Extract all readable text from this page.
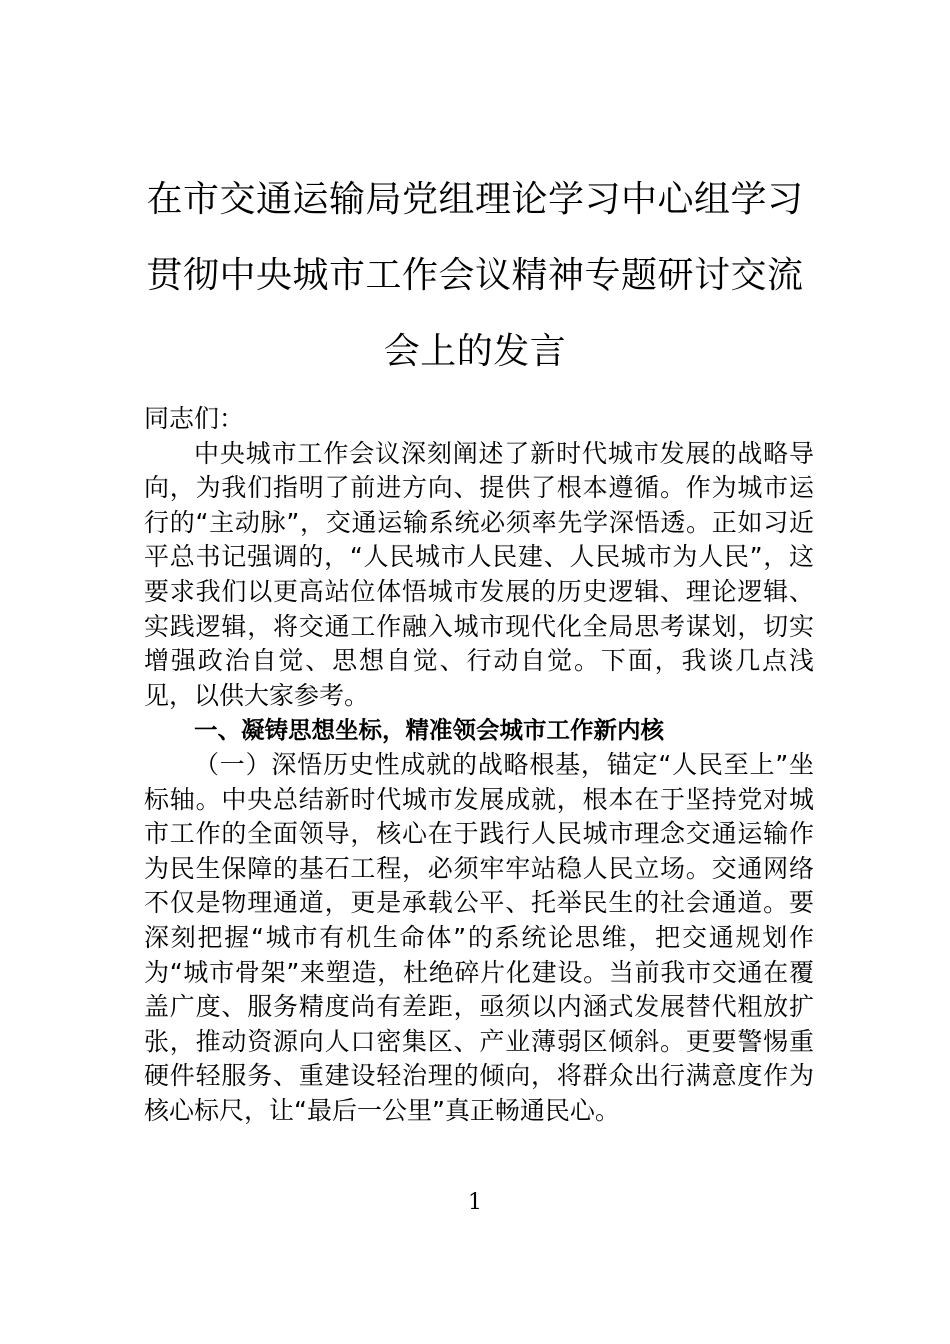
在市交通运输局党组理论学习中心组学习
贯彻中央城市工作会议精神专题研讨交流
会上的发言

同志们：

中央城市工作会议深刻阐述了新时代城市发展的战略导向，为我们指明了前进方向、提供了根本遵循。作为城市运行的“主动脉”，交通运输系统必须率先学深悟透。正如习近平总书记强调的，“人民城市人民建、人民城市为人民”，这要求我们以更高站位体悟城市发展的历史逻辑、理论逻辑、实践逻辑，将交通工作融入城市现代化全局思考谋划，切实增强政治自觉、思想自觉、行动自觉。下面，我谈几点浅见，以供大家参考。

一、凝铸思想坐标，精准领会城市工作新内核

（一）深悟历史性成就的战略根基，锚定“人民至上”坐标轴。中央总结新时代城市发展成就，根本在于坚持党对城市工作的全面领导，核心在于践行人民城市理念交通运输作为民生保障的基石工程，必须牢牢站稳人民立场。交通网络不仅是物理通道，更是承载公平、托举民生的社会通道。要深刻把握“城市有机生命体”的系统论思维，把交通规划作为“城市骨架”来塑造，杜绝碎片化建设。当前我市交通在覆盖广度、服务精度尚有差距，亟须以内涵式发展替代粗放扩张，推动资源向人口密集区、产业薄弱区倾斜。更要警惕重硬件轻服务、重建设轻治理的倾向，将群众出行满意度作为核心标尺，让“最后一公里”真正畅通民心。

1
